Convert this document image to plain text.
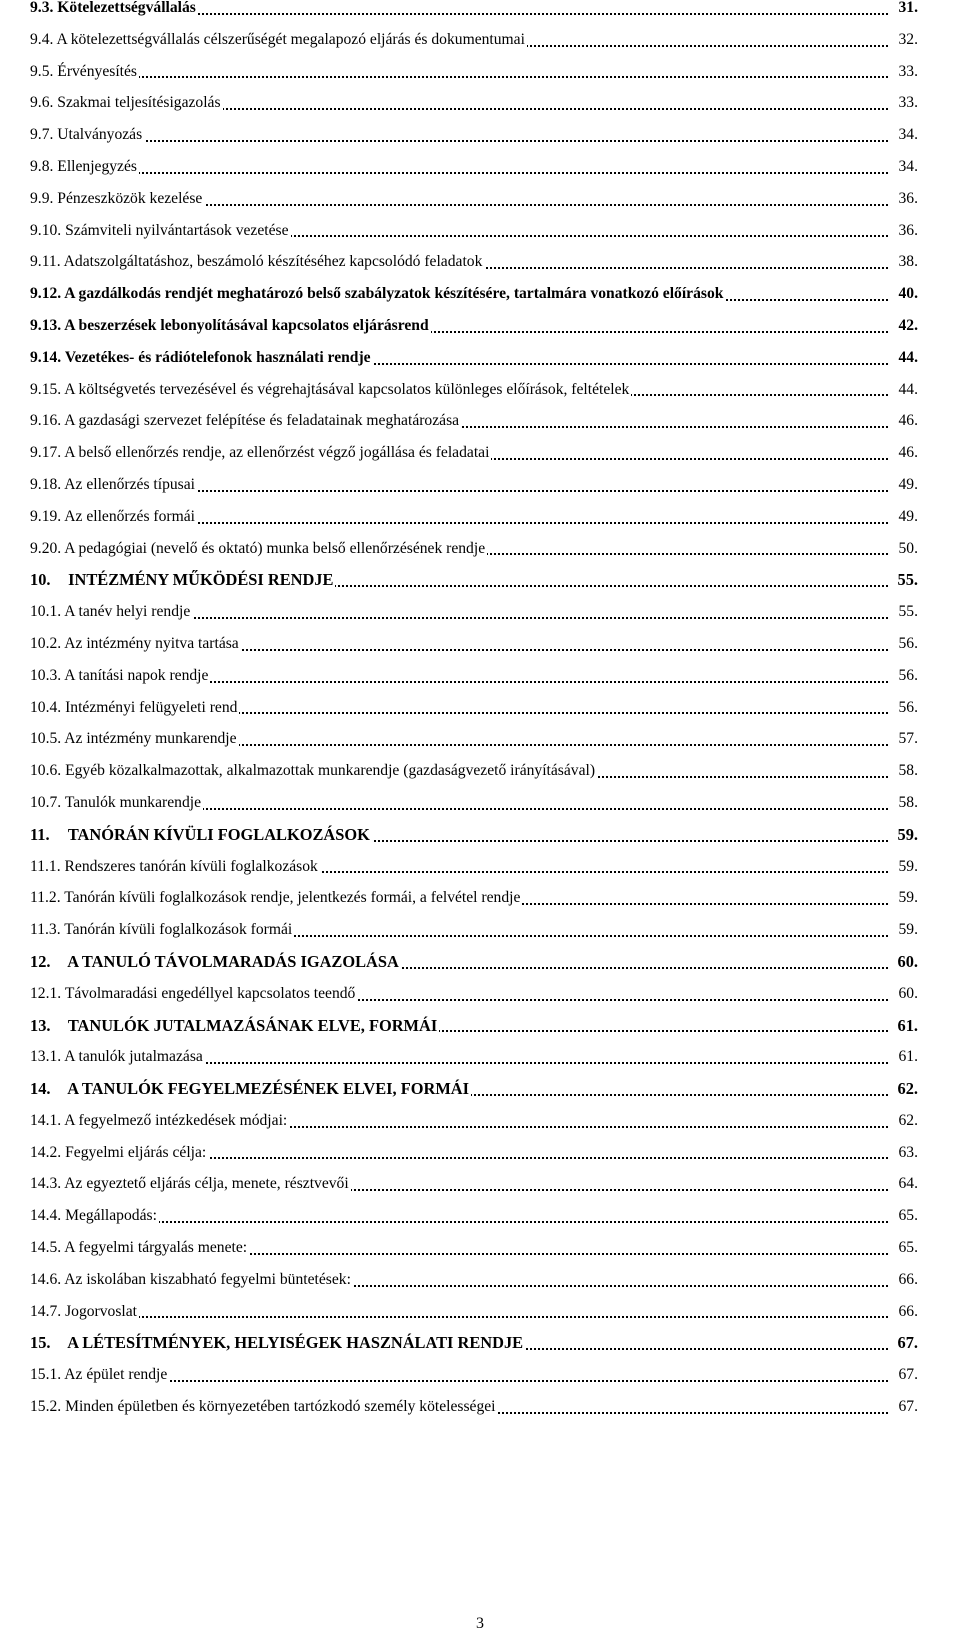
9.3. Kötelezettségvállalás	31.
9.4. A kötelezettségvállalás célszerűségét megalapozó eljárás és dokumentumai	32.
9.5. Érvényesítés	33.
9.6. Szakmai teljesítésigazolás	33.
9.7. Utalványozás	34.
9.8. Ellenjegyzés	34.
9.9. Pénzeszközök kezelése	36.
9.10. Számviteli nyilvántartások vezetése	36.
9.11. Adatszolgáltatáshoz, beszámoló készítéséhez kapcsolódó feladatok	38.
9.12. A gazdálkodás rendjét meghatározó belső szabályzatok készítésére, tartalmára vonatkozó előírások	40.
9.13. A beszerzések lebonyolításával kapcsolatos eljárásrend	42.
9.14. Vezetékes- és rádiótelefonok használati rendje	44.
9.15. A költségvetés tervezésével és végrehajtásával kapcsolatos különleges előírások, feltételek	44.
9.16. A gazdasági szervezet felépítése és feladatainak meghatározása	46.
9.17. A belső ellenőrzés rendje, az ellenőrzést végző jogállása és feladatai	46.
9.18. Az ellenőrzés típusai	49.
9.19. Az ellenőrzés formái	49.
9.20. A pedagógiai (nevelő és oktató) munka belső ellenőrzésének rendje	50.
10. INTÉZMÉNY MŰKÖDÉSI RENDJE	55.
10.1. A tanév helyi rendje	55.
10.2. Az intézmény nyitva tartása	56.
10.3. A tanítási napok rendje	56.
10.4. Intézményi felügyeleti rend	56.
10.5. Az intézmény munkarendje	57.
10.6. Egyéb közalkalmazottak, alkalmazottak munkarendje (gazdaságvezető irányításával)	58.
10.7. Tanulók munkarendje	58.
11. TANÓRÁN KÍVÜLI FOGLALKOZÁSOK	59.
11.1. Rendszeres tanórán kívüli foglalkozások	59.
11.2. Tanórán kívüli foglalkozások rendje, jelentkezés formái, a felvétel rendje	59.
11.3. Tanórán kívüli foglalkozások formái	59.
12. A TANULÓ TÁVOLMARADÁS IGAZOLÁSA	60.
12.1. Távolmaradási engedéllyel kapcsolatos teendő	60.
13. TANULÓK JUTALMAZÁSÁNAK ELVE, FORMÁI	61.
13.1. A tanulók jutalmazása	61.
14. A TANULÓK FEGYELMEZÉSÉNEK ELVEI, FORMÁI	62.
14.1. A fegyelmező intézkedések módjai:	62.
14.2. Fegyelmi eljárás célja:	63.
14.3. Az egyeztető eljárás célja, menete, résztvevői	64.
14.4. Megállapodás:	65.
14.5. A fegyelmi tárgyalás menete:	65.
14.6. Az iskolában kiszabható fegyelmi büntetések:	66.
14.7. Jogorvoslat	66.
15. A LÉTESÍTMÉNYEK, HELYISÉGEK HASZNÁLATI RENDJE	67.
15.1. Az épület rendje	67.
15.2. Minden épületben és környezetében tartózkodó személy kötelességei	67.
3
